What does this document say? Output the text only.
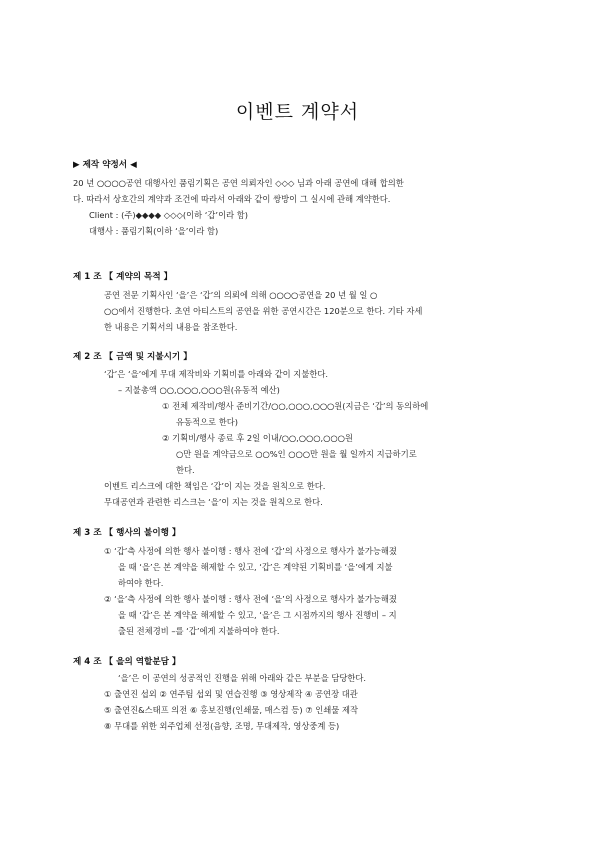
이벤트 계약서
▶ 제작 약정서 ◀
20 년 ○○○○공연 대행사인 품림기획은 공연 의뢰자인 ◇◇◇ 님과 아래 공연에 대해 합의한
다. 따라서 상호간의 계약과 조건에 따라서 아래와 같이 쌍방이 그 실시에 관해 계약한다.
Client : (주)◆◆◆◆ ◇◇◇(이하 ‘갑’이라 함)
대행사 : 품림기획(이하 ‘을’이라 함)
제 1 조 【 계약의 목적 】
공연 전문 기획사인 ‘을’은 ‘갑’의 의뢰에 의해 ○○○○공연을 20 년 월 일 ○
○○에서 진행한다. 초연 아티스트의 공연을 위한 공연시간은 120분으로 한다. 기타 자세
한 내용은 기획서의 내용을 참조한다.
제 2 조 【 금액 및 지불시기 】
‘갑’은 ‘을’에게 무대 제작비와 기획비를 아래와 같이 지불한다.
– 지불총액 ○○,○○○,○○○원(유동적 예산)
① 전체 제작비/행사 준비기간/○○,○○○,○○○원(지금은 ‘갑’의 동의하에
유동적으로 한다)
② 기획비/행사 종료 후 2일 이내/○○,○○○,○○○원
○만 원을 계약금으로 ○○%인 ○○○만 원을 월 일까지 지급하기로
한다.
이벤트 리스크에 대한 책임은 ‘갑’이 지는 것을 원칙으로 한다.
무대공연과 관련한 리스크는 ‘을’이 지는 것을 원칙으로 한다.
제 3 조 【 행사의 불이행 】
① ‘갑’측 사정에 의한 행사 불이행 : 행사 전에 ‘갑’의 사정으로 행사가 불가능해졌
을 때 ‘을’은 본 계약을 해제할 수 있고, ‘갑’은 계약된 기획비를 ‘을’에게 지불
하여야 한다.
② ‘을’측 사정에 의한 행사 불이행 : 행사 전에 ‘을’의 사정으로 행사가 불가능해졌
을 때 ‘갑’은 본 계약을 해제할 수 있고, ‘을’은 그 시점까지의 행사 진행비 – 지
출된 전체경비 –를 ‘갑’에게 지불하여야 한다.
제 4 조 【 을의 역할분담 】
‘을’은 이 공연의 성공적인 진행을 위해 아래와 같은 부분을 담당한다.
① 출연진 섭외 ② 연주팀 섭외 및 연습진행 ③ 영상제작 ④ 공연장 대관
⑤ 출연진&스태프 의전 ⑥ 홍보진행(인쇄물, 매스컴 등) ⑦ 인쇄물 제작
⑧ 무대를 위한 외주업체 선정(음향, 조명, 무대제작, 영상중계 등)
